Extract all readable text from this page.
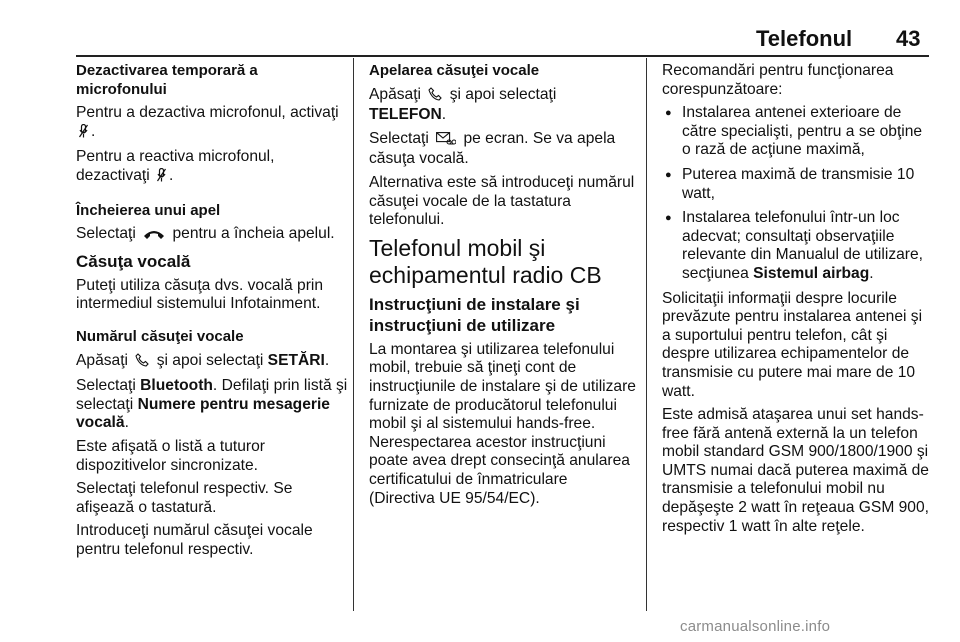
Telefonul 43

Dezactivarea temporară a microfonului

Pentru a dezactiva microfonul, activaţi .

Pentru a reactiva microfonul, dezactivaţi .

Încheierea unui apel

Selectaţi pentru a încheia apelul.

Căsuţa vocală

Puteţi utiliza căsuţa dvs. vocală prin intermediul sistemului Infotainment.

Numărul căsuţei vocale

Apăsaţi şi apoi selectaţi SETĂRI.

Selectaţi Bluetooth. Defilaţi prin listă şi selectaţi Numere pentru mesagerie vocală.

Este afişată o listă a tuturor dispozitivelor sincronizate.

Selectaţi telefonul respectiv. Se afişează o tastatură.

Introduceţi numărul căsuţei vocale pentru telefonul respectiv.

Apelarea căsuţei vocale

Apăsaţi şi apoi selectaţi TELEFON.

Selectaţi pe ecran. Se va apela căsuţa vocală.

Alternativa este să introduceţi numărul căsuţei vocale de la tastatura telefonului.

Telefonul mobil şi echipamentul radio CB

Instrucţiuni de instalare şi instrucţiuni de utilizare

La montarea şi utilizarea telefonului mobil, trebuie să ţineţi cont de instrucţiunile de instalare şi de utilizare furnizate de producătorul telefonului mobil şi al sistemului hands-free. Nerespectarea acestor instrucţiuni poate avea drept consecinţă anularea certificatului de înmatriculare (Directiva UE 95/54/EC).

Recomandări pentru funcţionarea corespunzătoare:

● Instalarea antenei exterioare de către specialişti, pentru a se obţine o rază de acţiune maximă,
● Puterea maximă de transmisie 10 watt,
● Instalarea telefonului într-un loc adecvat; consultaţi observaţiile relevante din Manualul de utilizare, secţiunea Sistemul airbag.

Solicitaţii informaţii despre locurile prevăzute pentru instalarea antenei şi a suportului pentru telefon, cât şi despre utilizarea echipamentelor de transmisie cu putere mai mare de 10 watt.

Este admisă ataşarea unui set hands-free fără antenă externă la un telefon mobil standard GSM 900/1800/1900 şi UMTS numai dacă puterea maximă de transmisie a telefonului mobil nu depăşeşte 2 watt în reţeaua GSM 900, respectiv 1 watt în alte reţele.

carmanualsonline.info
